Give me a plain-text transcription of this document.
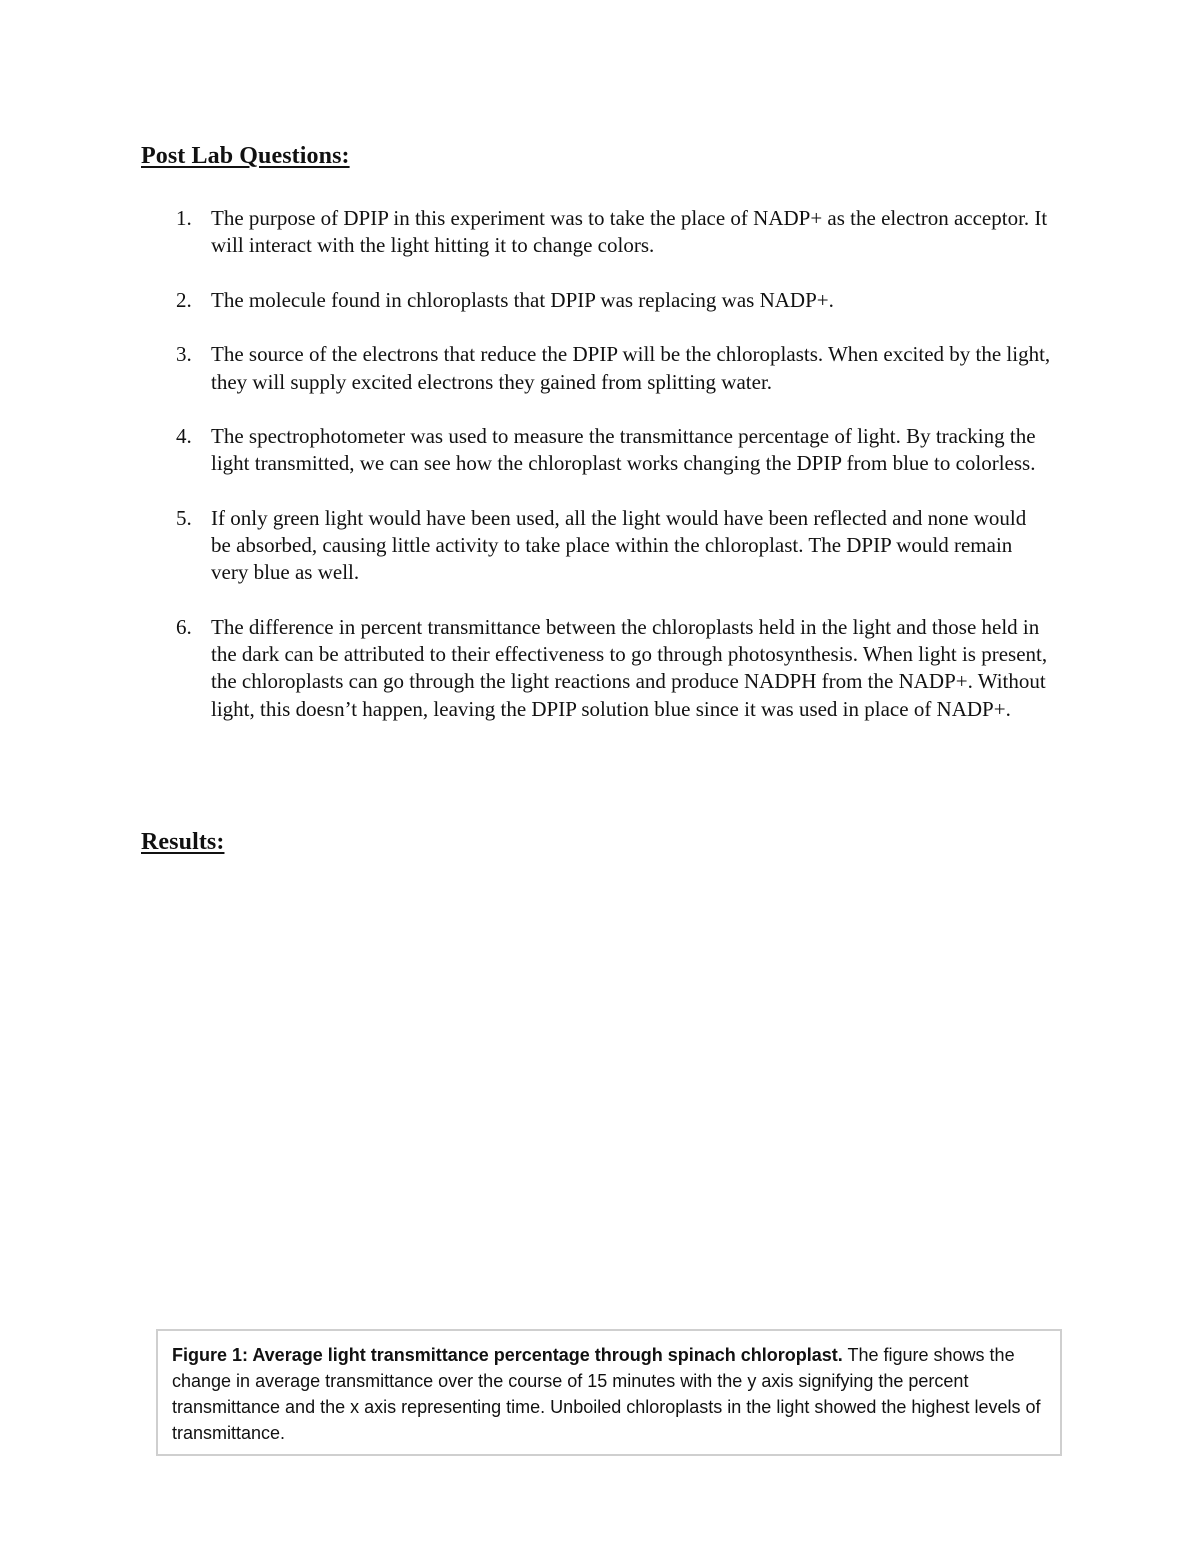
Post Lab Questions:
1. The purpose of DPIP in this experiment was to take the place of NADP+ as the electron acceptor. It will interact with the light hitting it to change colors.
2. The molecule found in chloroplasts that DPIP was replacing was NADP+.
3. The source of the electrons that reduce the DPIP will be the chloroplasts. When excited by the light, they will supply excited electrons they gained from splitting water.
4. The spectrophotometer was used to measure the transmittance percentage of light. By tracking the light transmitted, we can see how the chloroplast works changing the DPIP from blue to colorless.
5. If only green light would have been used, all the light would have been reflected and none would be absorbed, causing little activity to take place within the chloroplast. The DPIP would remain very blue as well.
6. The difference in percent transmittance between the chloroplasts held in the light and those held in the dark can be attributed to their effectiveness to go through photosynthesis. When light is present, the chloroplasts can go through the light reactions and produce NADPH from the NADP+. Without light, this doesn’t happen, leaving the DPIP solution blue since it was used in place of NADP+.
Results:
Figure 1: Average light transmittance percentage through spinach chloroplast. The figure shows the change in average transmittance over the course of 15 minutes with the y axis signifying the percent transmittance and the x axis representing time. Unboiled chloroplasts in the light showed the highest levels of transmittance.
